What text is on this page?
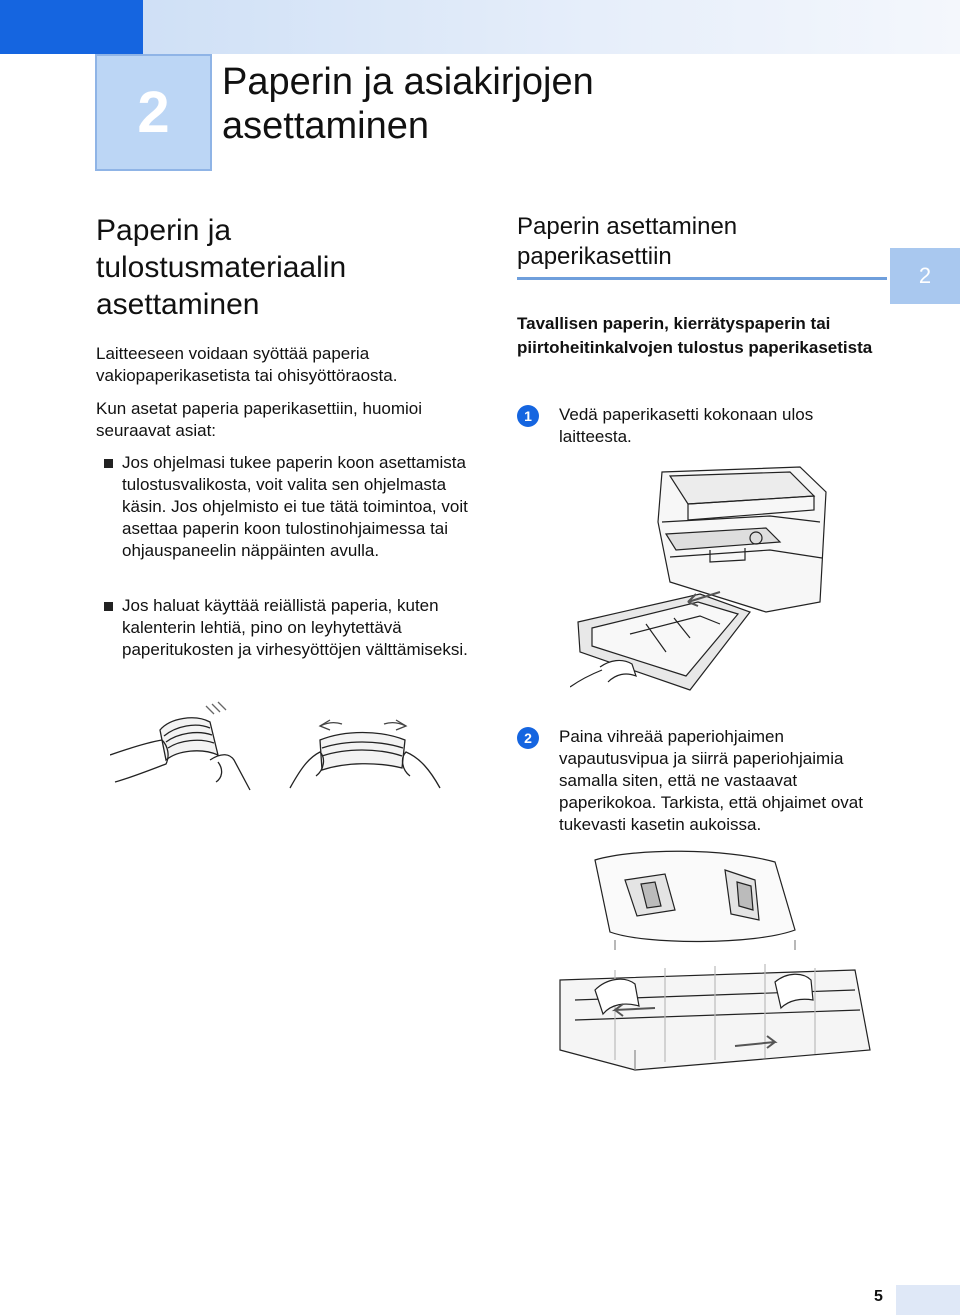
2 Paperin ja asiakirjojen
asettaminen
Paperin ja
tulostusmateriaalin
asettaminen

Laitteeseen voidaan syöttää paperia vakiopaperikasetista tai ohisyöttöraosta.

Kun asetat paperia paperikasettiin, huomioi seuraavat asiat:

Jos ohjelmasi tukee paperin koon asettamista tulostusvalikosta, voit valita sen ohjelmasta käsin. Jos ohjelmisto ei tue tätä toimintoa, voit asettaa paperin koon tulostinohjaimessa tai ohjauspaneelin näppäinten avulla.
Jos haluat käyttää reiällistä paperia, kuten kalenterin lehtiä, pino on leyhytettävä paperitukosten ja virhesyöttöjen välttämiseksi.
2
Paperin asettaminen
paperikasettiin
Tavallisen paperin, kierrätyspaperin tai piirtoheitinkalvojen tulostus paperikasetista
1	Vedä paperikasetti kokonaan ulos laitteesta.
2	Paina vihreää paperiohjaimen vapautusvipua ja siirrä paperiohjaimia samalla siten, että ne vastaavat paperikokoa. Tarkista, että ohjaimet ovat tukevasti kasetin aukoissa.
5
